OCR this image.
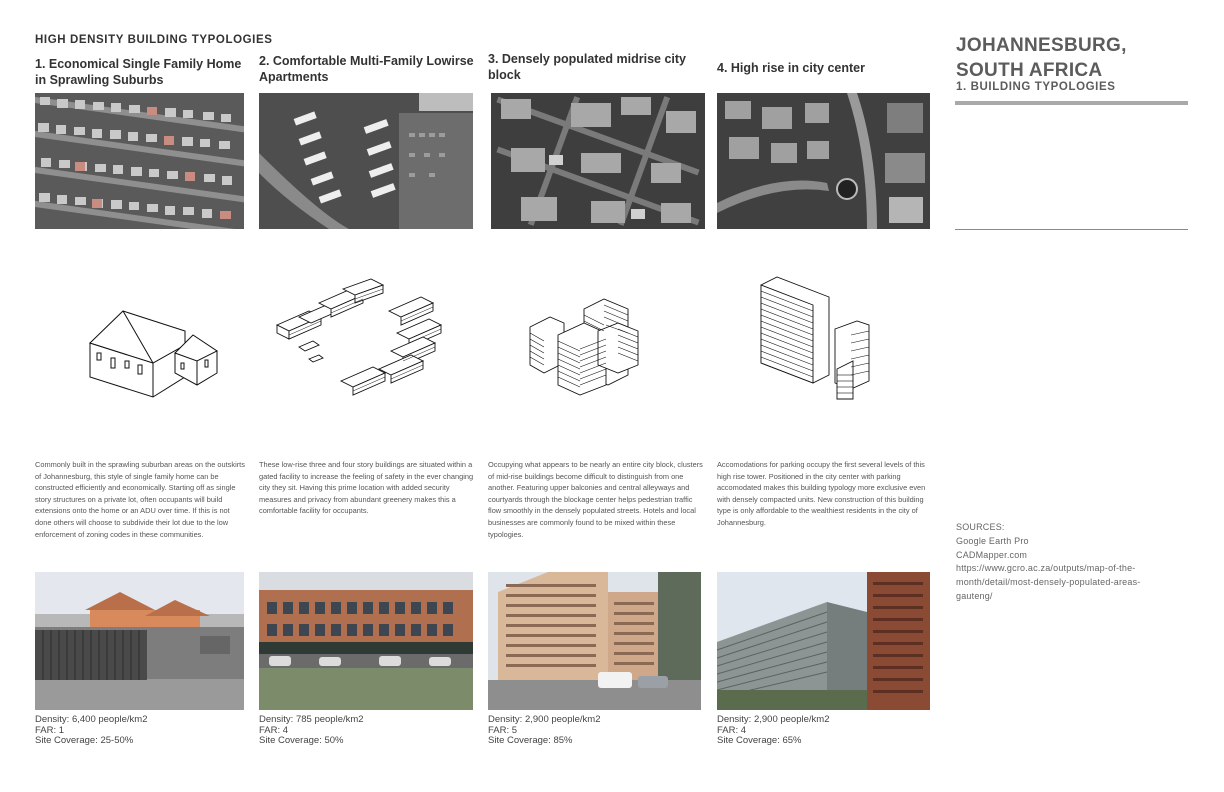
HIGH DENSITY BUILDING TYPOLOGIES
1. Economical Single Family Home in Sprawling Suburbs
Commonly built in the sprawling suburban areas on the outskirts of Johannesburg, this style of single family home can be constructed efficiently and economically. Starting off as single story structures on a private lot, often occupants will build extensions onto the home or an ADU over time. If this is not done others will choose to subdivide their lot due to the low enforcement of zoning codes in these communities.
Density: 6,400 people/km2
FAR: 1
Site Coverage: 25-50%
2. Comfortable Multi-Family Lowirse Apartments
These low-rise three and four story buildings are situated within a gated facility to increase the feeling of safety in the ever changing city they sit. Having this prime location with added security measures and privacy from abundant greenery makes this a comfortable facility for occupants.
Density: 785 people/km2
FAR: 4
Site Coverage: 50%
3. Densely populated midrise city block
Occupying what appears to be nearly an entire city block, clusters of mid-rise buildings become difficult to distinguish from one another. Featuring upper balconies and central alleyways and courtyards through the blockage center helps pedestrian traffic flow smoothly in the densely populated streets. Hotels and local businesses are commonly found to be mixed within these typologies.
Density: 2,900 people/km2
FAR: 5
Site Coverage: 85%
4. High rise in city center
Accomodations for parking occupy the first several levels of this high rise tower. Positioned in the city center with parking accomodated makes this building typology more exclusive even with densely compacted units. New construction of this building type is only affordable to the wealthiest residents in the city of Johannesburg.
Density: 2,900 people/km2
FAR: 4
Site Coverage: 65%
JOHANNESBURG,
SOUTH AFRICA
1. BUILDING TYPOLOGIES
SOURCES:
Google Earth Pro
CADMapper.com
https://www.gcro.ac.za/outputs/map-of-the-month/detail/most-densely-populated-areas-gauteng/
